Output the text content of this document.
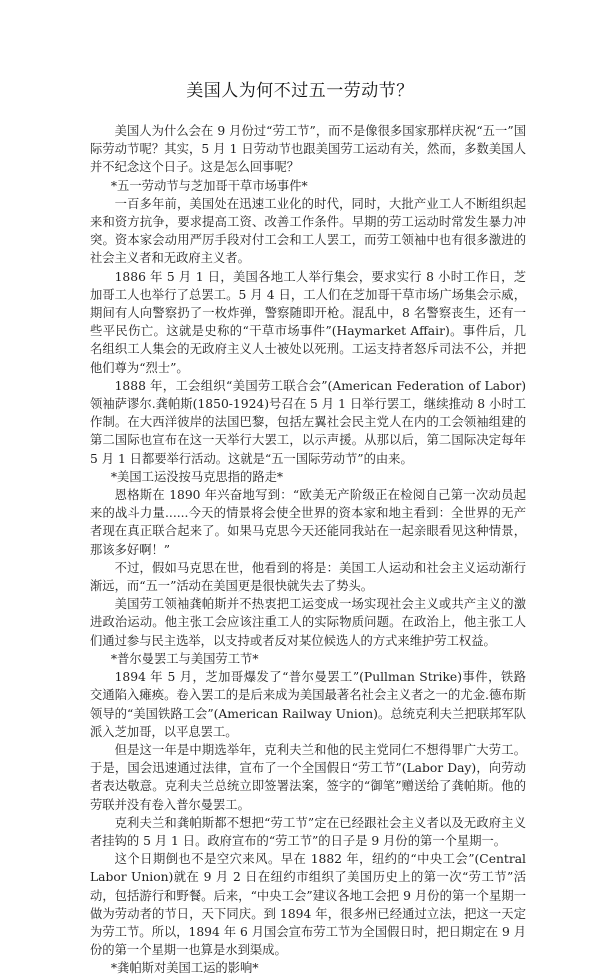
美国人为何不过五一劳动节？

美国人为什么会在 9 月份过“劳工节”，而不是像很多国家那样庆祝“五一”国际劳动节呢？其实，5 月 1 日劳动节也跟美国劳工运动有关，然而，多数美国人并不纪念这个日子。这是怎么回事呢？

*五一劳动节与芝加哥干草市场事件*

一百多年前，美国处在迅速工业化的时代，同时，大批产业工人不断组织起来和资方抗争，要求提高工资、改善工作条件。早期的劳工运动时常发生暴力冲突。资本家会动用严厉手段对付工会和工人罢工，而劳工领袖中也有很多激进的社会主义者和无政府主义者。

1886 年 5 月 1 日，美国各地工人举行集会，要求实行 8 小时工作日，芝加哥工人也举行了总罢工。5 月 4 日，工人们在芝加哥干草市场广场集会示威，期间有人向警察扔了一枚炸弹，警察随即开枪。混乱中，8 名警察丧生，还有一些平民伤亡。这就是史称的“干草市场事件”(Haymarket Affair)。事件后，几名组织工人集会的无政府主义人士被处以死刑。工运支持者怒斥司法不公，并把他们尊为“烈士”。

1888 年，工会组织“美国劳工联合会”(American Federation of Labor)领袖萨谬尔.龚帕斯(1850-1924)号召在 5 月 1 日举行罢工，继续推动 8 小时工作制。在大西洋彼岸的法国巴黎，包括左翼社会民主党人在内的工会领袖组建的第二国际也宣布在这一天举行大罢工，以示声援。从那以后，第二国际决定每年 5 月 1 日都要举行活动。这就是“五一国际劳动节”的由来。

*美国工运没按马克思指的路走*

恩格斯在 1890 年兴奋地写到：“欧美无产阶级正在检阅自己第一次动员起来的战斗力量......今天的情景将会使全世界的资本家和地主看到：全世界的无产者现在真正联合起来了。如果马克思今天还能同我站在一起亲眼看见这种情景，那该多好啊！”

不过，假如马克思在世，他看到的将是：美国工人运动和社会主义运动渐行渐远，而“五一”活动在美国更是很快就失去了势头。

美国劳工领袖龚帕斯并不热衷把工运变成一场实现社会主义或共产主义的激进政治运动。他主张工会应该注重工人的实际物质问题。在政治上，他主张工人们通过参与民主选举，以支持或者反对某位候选人的方式来维护劳工权益。

*普尔曼罢工与美国劳工节*

1894 年 5 月，芝加哥爆发了“普尔曼罢工”(Pullman Strike)事件，铁路交通陷入瘫痪。卷入罢工的是后来成为美国最著名社会主义者之一的尤金.德布斯领导的“美国铁路工会”(American Railway Union)。总统克利夫兰把联邦军队派入芝加哥，以平息罢工。

但是这一年是中期选举年，克利夫兰和他的民主党同仁不想得罪广大劳工。于是，国会迅速通过法律，宣布了一个全国假日“劳工节”(Labor Day)，向劳动者表达敬意。克利夫兰总统立即签署法案，签字的“御笔”赠送给了龚帕斯。他的劳联并没有卷入普尔曼罢工。

克利夫兰和龚帕斯都不想把“劳工节”定在已经跟社会主义者以及无政府主义者挂钩的 5 月 1 日。政府宣布的“劳工节”的日子是 9 月份的第一个星期一。

这个日期倒也不是空穴来风。早在 1882 年，纽约的“中央工会”(Central Labor Union)就在 9 月 2 日在纽约市组织了美国历史上的第一次“劳工节”活动，包括游行和野餐。后来，“中央工会”建议各地工会把 9 月份的第一个星期一做为劳动者的节日，天下同庆。到 1894 年，很多州已经通过立法，把这一天定为劳工节。所以，1894 年 6 月国会宣布劳工节为全国假日时，把日期定在 9 月份的第一个星期一也算是水到渠成。

*龚帕斯对美国工运的影响*
